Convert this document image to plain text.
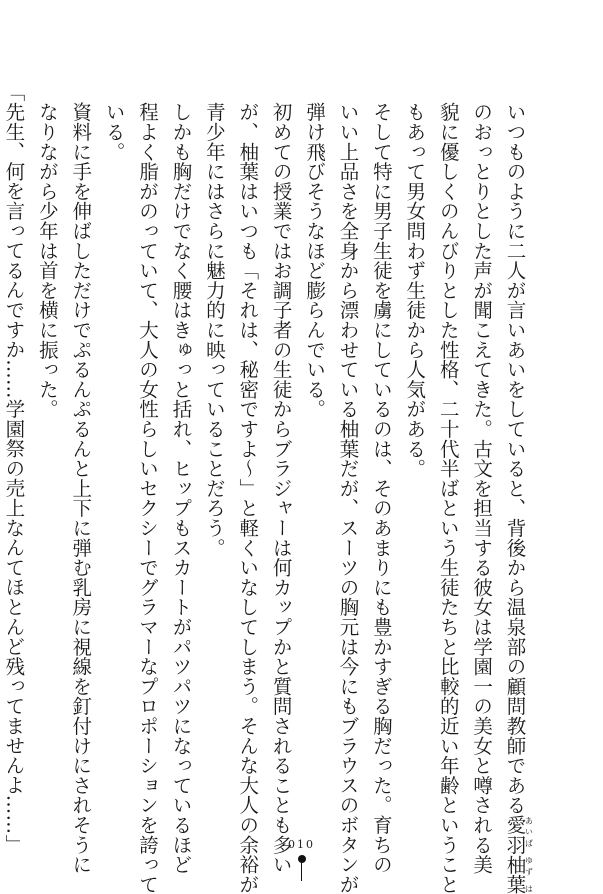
いつものように二人が言いあいをしていると、背後から温泉部の顧問教師である愛羽柚葉あいば ゆず は
のおっとりとした声が聞こえてきた。古文を担当する彼女は学園一の美女と噂される美
貌に優しくのんびりとした性格、二十代半ばという生徒たちと比較的近い年齢ということ
もあって男女問わず生徒から人気がある。
そして特に男子生徒を虜にしているのは、そのあまりにも豊かすぎる胸だった。育ちの
いい上品さを全身から漂わせている柚葉だが、スーツの胸元は今にもブラウスのボタンが
弾け飛びそうなほど膨らんでいる。
初めての授業ではお調子者の生徒からブラジャーは何カップかと質問されることも多い
が、柚葉はいつも「それは、秘密ですよ～」と軽くいなしてしまう。そんな大人の余裕が
青少年にはさらに魅力的に映っていることだろう。
しかも胸だけでなく腰はきゅっと括れ、ヒップもスカートがパツパツになっているほど
程よく脂がのっていて、大人の女性らしいセクシーでグラマーなプロポーションを誇って
いる。
資料に手を伸ばしただけでぷるんぷるんと上下に弾む乳房に視線を釘付けにされそうに
なりながら少年は首を横に振った。
「先生、何を言ってるんですか……学園祭の売上なんてほとんど残ってませんよ……」	010
